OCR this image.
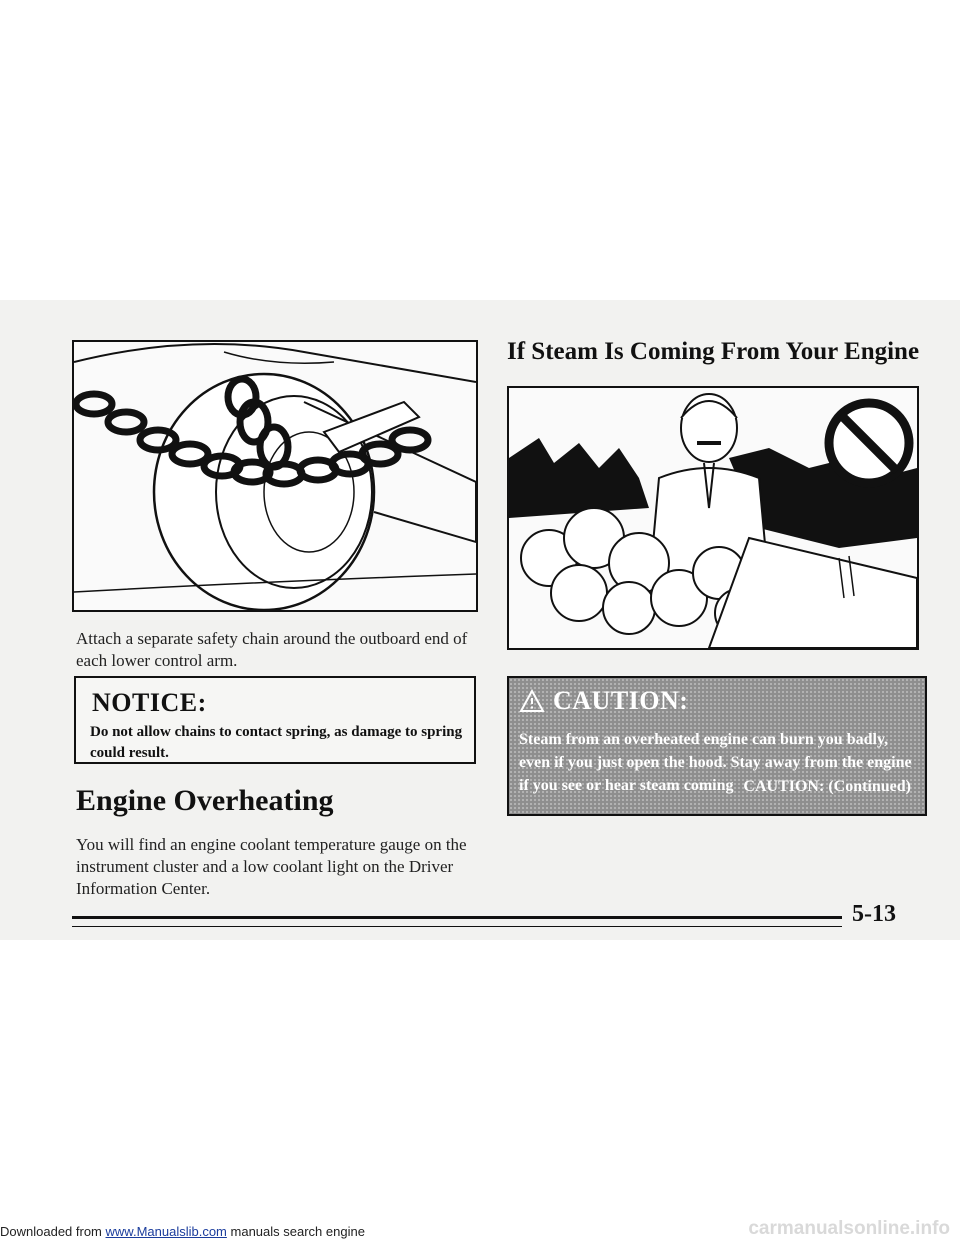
Attach a separate safety chain around the outboard end of each lower control arm.
NOTICE:
Do not allow chains to contact spring, as damage to spring could result.
Engine Overheating
You will find an engine coolant temperature gauge on the instrument cluster and a low coolant light on the Driver Information Center.
If Steam Is Coming From Your Engine
CAUTION:
Steam from an overheated engine can burn you badly, even if you just open the hood. Stay away from the engine if you see or hear steam coming CAUTION: (Continued)
5-13
Downloaded from www.Manualslib.com manuals search engine	carmanualsonline.info
